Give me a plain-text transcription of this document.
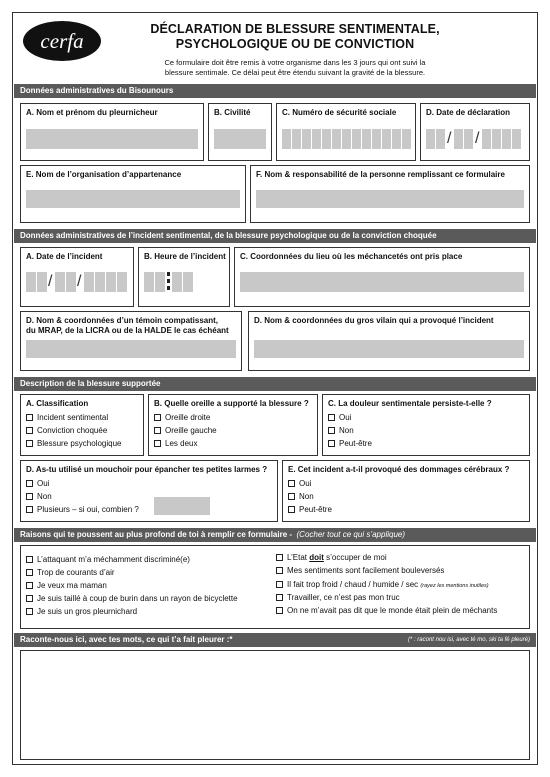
cerfa	DÉCLARATION DE BLESSURE SENTIMENTALE,
PSYCHOLOGIQUE OU DE CONVICTION
Ce formulaire doit être remis à votre organisme dans les 3 jours qui ont suivi la
blessure sentimale. Ce délai peut être étendu suivant la gravité de la blessure.
Données administratives du Bisounours
A. Nom et prénom du pleurnicheur	B. Civilité	C. Numéro de sécurité sociale	D. Date de déclaration
/ /
E. Nom de l’organisation d’appartenance	F. Nom & responsabilité de la personne remplissant ce formulaire
Données administratives de l’incident sentimental, de la blessure psychologique ou de la conviction choquée
A. Date de l’incident
/ /
B. Heure de l’incident C. Coordonnées du lieu où les méchancetés ont pris place
D. Nom & coordonnées d’un témoin compatissant,
du MRAP, de la LICRA ou de la HALDE le cas échéant
D. Nom & coordonnées du gros vilain qui a provoqué l’incident
Description de la blessure supportée
A. Classification
Incident sentimental
Conviction choquée
Blessure psychologique
B. Quelle oreille a supporté la blessure ?
Oreille droite
Oreille gauche
Les deux
C. La douleur sentimentale persiste-t-elle ?
Oui
Non
Peut-être
D. As-tu utilisé un mouchoir pour épancher tes petites larmes ?
Oui
Non
Plusieurs – si oui, combien ?
E. Cet incident a-t-il provoqué des dommages cérébraux ?
Oui
Non
Peut-être
Raisons qui te poussent au plus profond de toi à remplir ce formulaire - (Cocher tout ce qui s’applique)
L’attaquant m’a méchamment discriminé(e)
Trop de courants d’air
Je veux ma maman
Je suis taillé à coup de burin dans un rayon de bicyclette
Je suis un gros pleurnichard
L’Etat doit s’occuper de moi
Mes sentiments sont facilement bouleversés
Il fait trop froid / chaud / humide / sec (rayez les mentions inutiles)
Travailler, ce n’est pas mon truc
On ne m’avait pas dit que le monde était plein de méchants
Raconte-nous ici, avec tes mots, ce qui t’a fait pleurer :*	(* : racont nou isi, avec té mo, ski ta fé pleuré)
